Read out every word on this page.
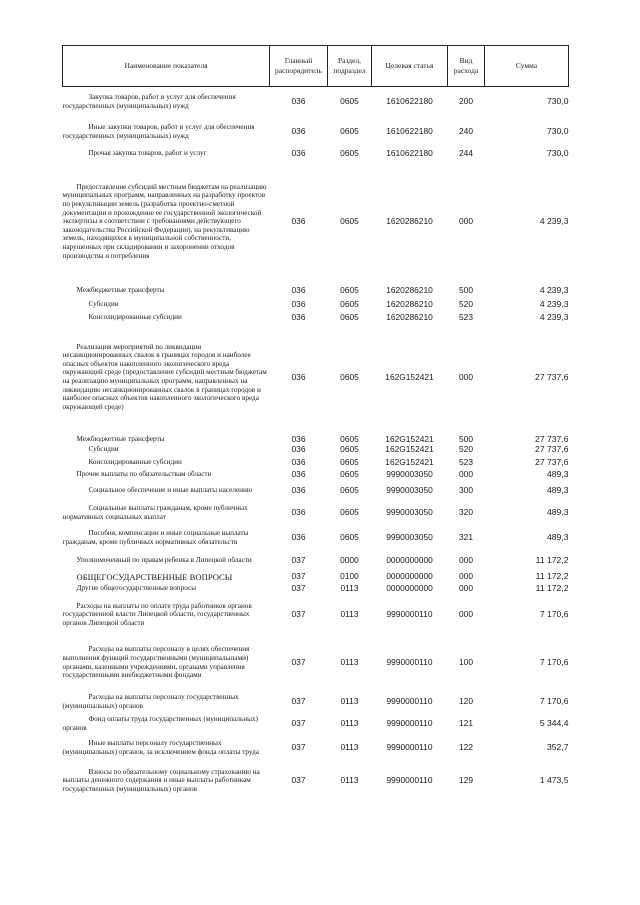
Наименование показателя	Главный распорядитель	Раздел, подраздел	Целевая статья	Вид расхода	Сумма
Закупка товаров, работ и услуг для обеспечения государственных (муниципальных) нужд	036	0605	1610622180	200	730,0
Иные закупки товаров, работ и услуг для обеспечения государственных (муниципальных) нужд	036	0605	1610622180	240	730,0
Прочая закупка товаров, работ и услуг	036	0605	1610622180	244	730,0
Предоставление субсидий местным бюджетам на реализацию муниципальных программ, направленных на разработку проектов по рекультивации земель (разработка проектно-сметной документации и прохождение ее государственной экологической экспертизы в соответствии с требованиями действующего законодательства Российской Федерации), на рекультивацию земель, находящихся в муниципальной собственности, нарушенных при складировании и захоронении отходов производства и потребления	036	0605	1620286210	000	4 239,3
Межбюджетные трансферты	036	0605	1620286210	500	4 239,3
Субсидии	036	0605	1620286210	520	4 239,3
Консолидированные субсидии	036	0605	1620286210	523	4 239,3
Реализация мероприятий по ликвидации несанкционированных свалок в границах городов и наиболее опасных объектов накопленного экологического вреда окружающей среде (предоставление субсидий местным бюджетам на реализацию муниципальных программ, направленных на ликвидацию несанкционированных свалок в границах городов и наиболее опасных объектов накопленного экологического вреда окружающей среде)	036	0605	162G152421	000	27 737,6
Межбюджетные трансферты	036	0605	162G152421	500	27 737,6
Субсидии	036	0605	162G152421	520	27 737,6
Консолидированные субсидии	036	0605	162G152421	523	27 737,6
Прочие выплаты по обязательствам области	036	0605	9990003050	000	489,3
Социальное обеспечение и иные выплаты населению	036	0605	9990003050	300	489,3
Социальные выплаты гражданам, кроме публичных нормативных социальных выплат	036	0605	9990003050	320	489,3
Пособия, компенсации и иные социальные выплаты гражданам, кроме публичных нормативных обязательств	036	0605	9990003050	321	489,3
Уполномоченный по правам ребенка в Липецкой области	037	0000	0000000000	000	11 172,2
ОБЩЕГОСУДАРСТВЕННЫЕ ВОПРОСЫ	037	0100	0000000000	000	11 172,2
Другие общегосударственные вопросы	037	0113	0000000000	000	11 172,2
Расходы на выплаты по оплате труда работников органов государственной власти Липецкой области, государственных органов Липецкой области	037	0113	9990000110	000	7 170,6
Расходы на выплаты персоналу в целях обеспечения выполнения функций государственными (муниципальными) органами, казенными учреждениями, органами управления государственными внебюджетными фондами	037	0113	9990000110	100	7 170,6
Расходы на выплаты персоналу государственных (муниципальных) органов	037	0113	9990000110	120	7 170,6
Фонд оплаты труда государственных (муниципальных) органов	037	0113	9990000110	121	5 344,4
Иные выплаты персоналу государственных (муниципальных) органов, за исключением фонда оплаты труда	037	0113	9990000110	122	352,7
Взносы по обязательному социальному страхованию на выплаты денежного содержания и иные выплаты работникам государственных (муниципальных) органов	037	0113	9990000110	129	1 473,5
